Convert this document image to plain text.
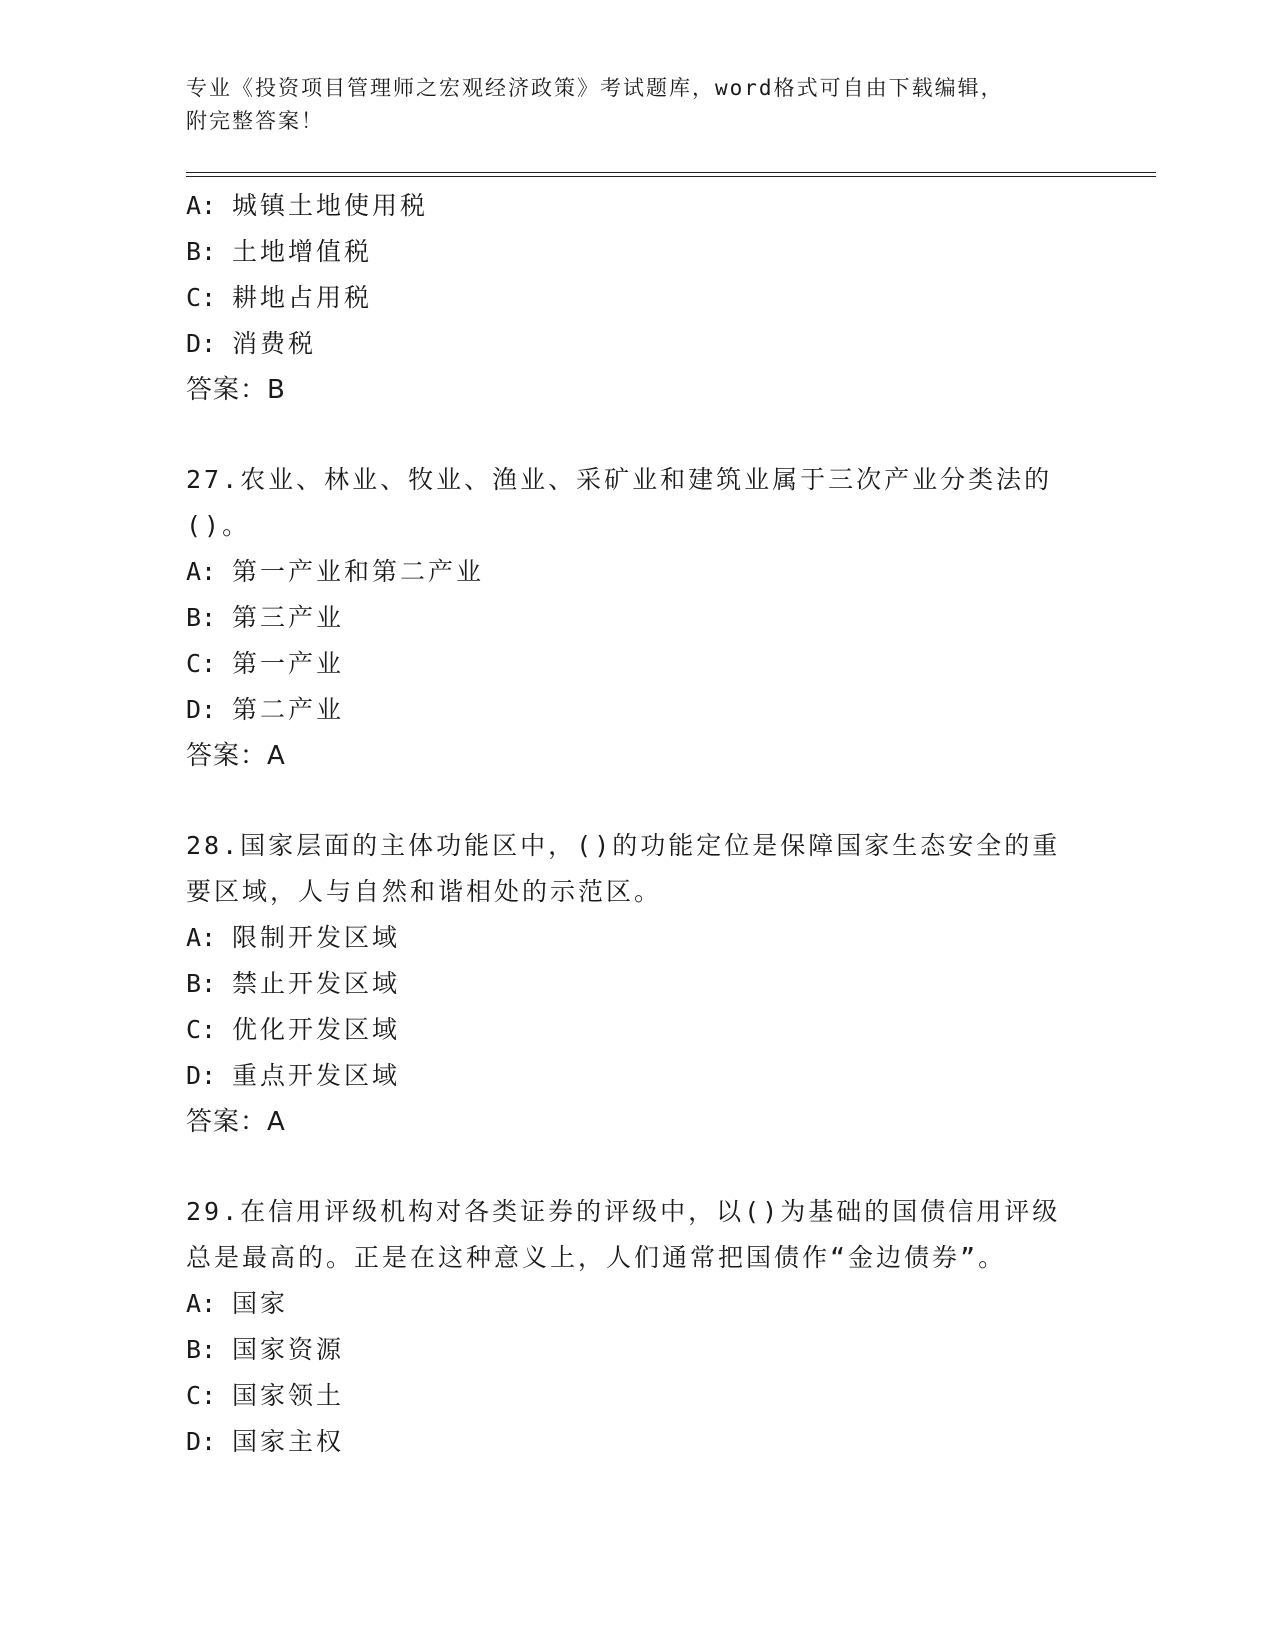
专业《投资项目管理师之宏观经济政策》考试题库，word格式可自由下载编辑，

附完整答案！

A: 城镇土地使用税
B: 土地增值税
C: 耕地占用税
D: 消费税
答案：B

27.农业、林业、牧业、渔业、采矿业和建筑业属于三次产业分类法的

()。

A: 第一产业和第二产业
B: 第三产业
C: 第一产业
D: 第二产业
答案：A

28.国家层面的主体功能区中，()的功能定位是保障国家生态安全的重

要区域，人与自然和谐相处的示范区。

A: 限制开发区域
B: 禁止开发区域
C: 优化开发区域
D: 重点开发区域
答案：A

29.在信用评级机构对各类证券的评级中，以()为基础的国债信用评级

总是最高的。正是在这种意义上，人们通常把国债作“金边债券”。

A: 国家
B: 国家资源
C: 国家领土
D: 国家主权
